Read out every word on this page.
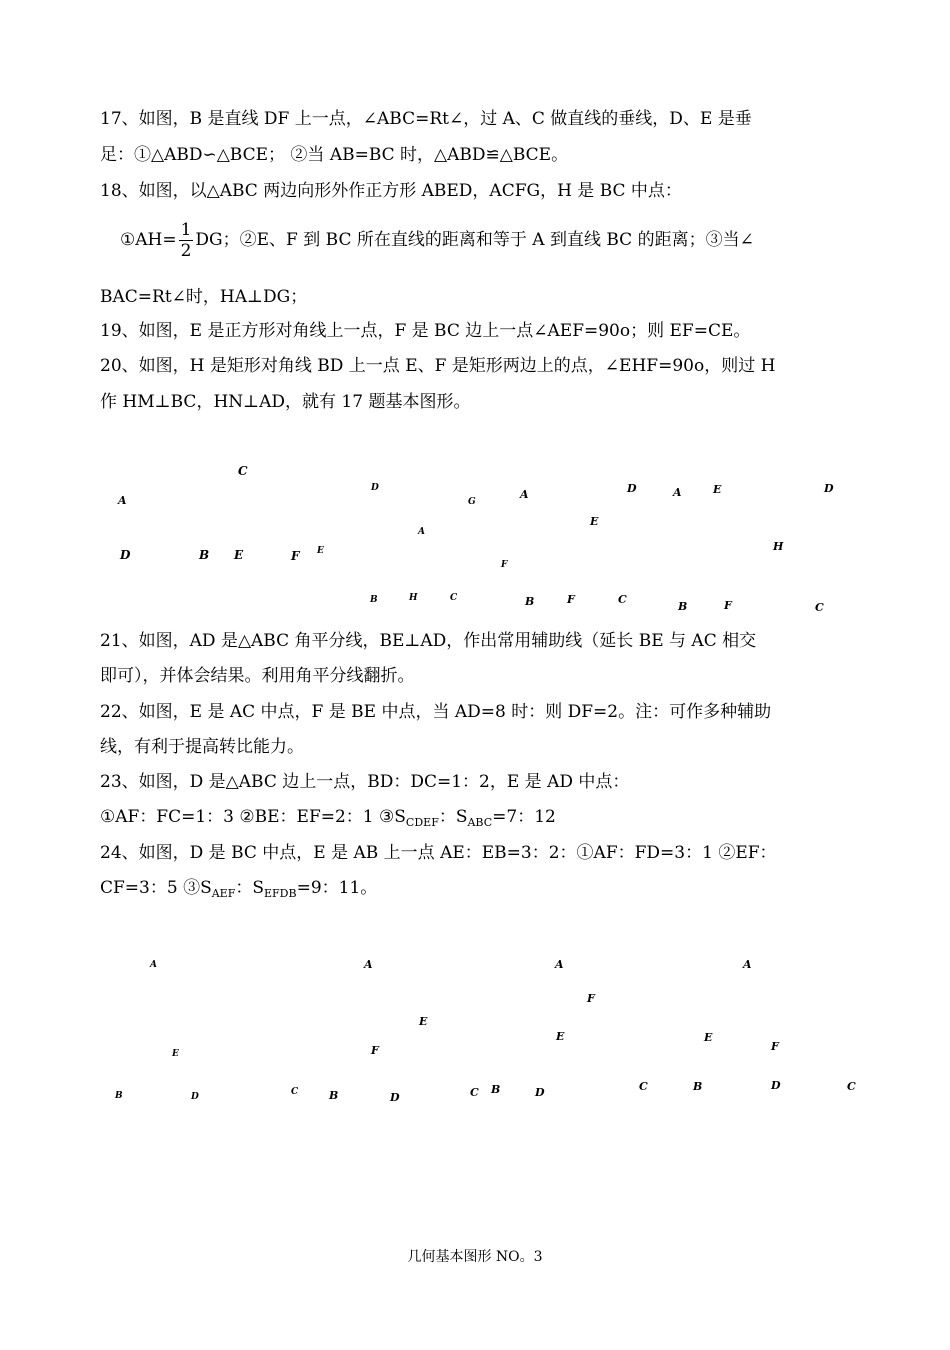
17、如图，B 是直线 DF 上一点，∠ABC=Rt∠，过 A、C 做直线的垂线，D、E 是垂
足：①△ABD∽△BCE； ②当 AB=BC 时，△ABD≌△BCE。
18、如图，以△ABC 两边向形外作正方形 ABED，ACFG，H 是 BC 中点：
①AH= $\frac{1}{2}$ DG；②E、F 到 BC 所在直线的距离和等于 A 到直线 BC 的距离；③当∠
BAC=Rt∠时，HA⊥DG；
19、如图，E 是正方形对角线上一点，F 是 BC 边上一点∠AEF=90o；则 EF=CE。
20、如图，H 是矩形对角线 BD 上一点 E、F 是矩形两边上的点，∠EHF=90o，则过 H
作 HM⊥BC，HN⊥AD，就有 17 题基本图形。
C
A
D	B E	F
D
G
A
E
F
B	H	C
A	D
E
B	F	C
A	E	D
H
B	F	C
21、如图，AD 是△ABC 角平分线，BE⊥AD，作出常用辅助线（延长 BE 与 AC 相交
即可），并体会结果。利用角平分线翻折。
22、如图，E 是 AC 中点，F 是 BE 中点，当 AD=8 时：则 DF=2。注：可作多种辅助
线，有利于提高转比能力。
23、如图，D 是△ABC 边上一点，BD：DC=1：2，E 是 AD 中点：
①AF：FC=1：3 ②BE：EF=2：1 $③S_{CDEF}$：$S_{ABC}=7$：12
24、如图，D 是 BC 中点，E 是 AB 上一点 AE：EB=3：2：①AF：FD=3：1 ②EF：
CF=3：5 $③S_{AEF}$：$S_{EFDB}=9$：11。
A
E
B	D	C
A
E
F
B	D	C
A
F
E
B	D	C
A
E
F
B	D	C
几何基本图形 NO。3
